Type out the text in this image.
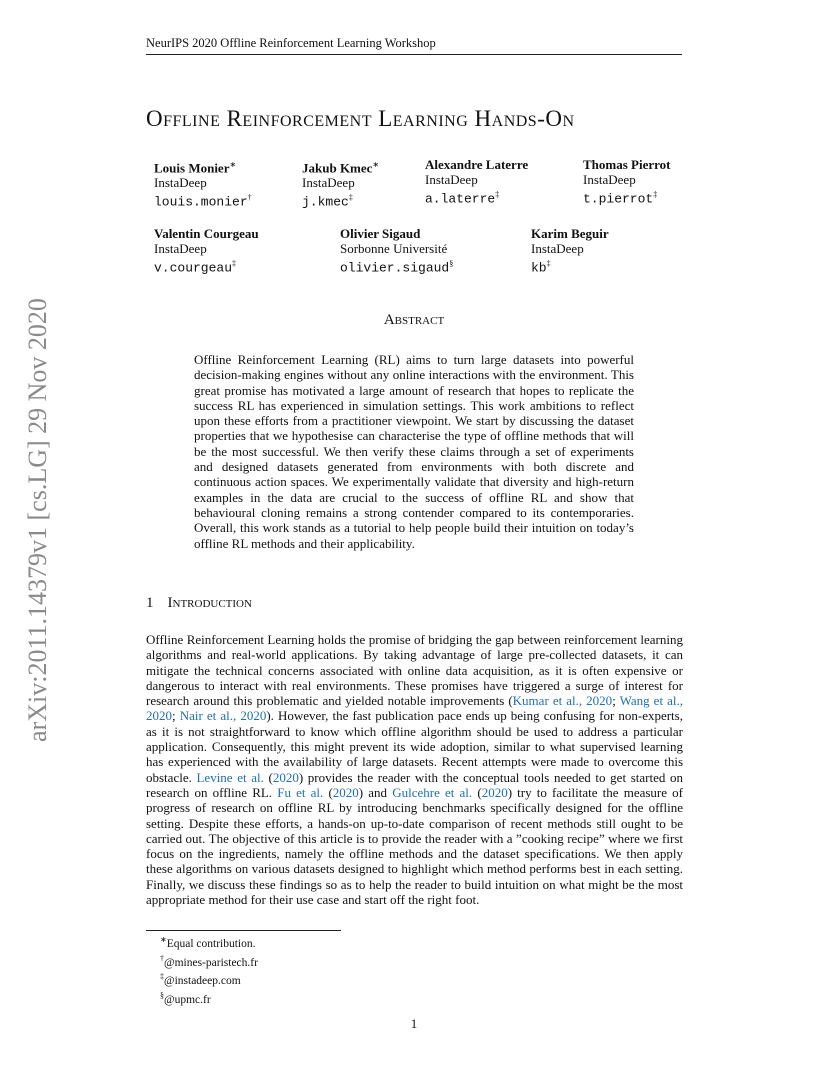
NeurIPS 2020 Offline Reinforcement Learning Workshop
arXiv:2011.14379v1 [cs.LG] 29 Nov 2020
Offline Reinforcement Learning Hands-On
Louis Monier∗
InstaDeep
louis.monier†
Jakub Kmec∗
InstaDeep
j.kmec‡
Alexandre Laterre
InstaDeep
a.laterre‡
Thomas Pierrot
InstaDeep
t.pierrot‡
Valentin Courgeau
InstaDeep
v.courgeau‡
Olivier Sigaud
Sorbonne Université
olivier.sigaud§
Karim Beguir
InstaDeep
kb‡
Abstract
Offline Reinforcement Learning (RL) aims to turn large datasets into powerful decision-making engines without any online interactions with the environment. This great promise has motivated a large amount of research that hopes to replicate the success RL has experienced in simulation settings. This work ambitions to reflect upon these efforts from a practitioner viewpoint. We start by discussing the dataset properties that we hypothesise can characterise the type of offline methods that will be the most successful. We then verify these claims through a set of experiments and designed datasets generated from environments with both discrete and continuous action spaces. We experimentally validate that diversity and high-return examples in the data are crucial to the success of offline RL and show that behavioural cloning remains a strong contender compared to its contemporaries. Overall, this work stands as a tutorial to help people build their intuition on today’s offline RL methods and their applicability.
1 Introduction
Offline Reinforcement Learning holds the promise of bridging the gap between reinforcement learning algorithms and real-world applications. By taking advantage of large pre-collected datasets, it can mitigate the technical concerns associated with online data acquisition, as it is often expensive or dangerous to interact with real environments. These promises have triggered a surge of interest for research around this problematic and yielded notable improvements (Kumar et al., 2020; Wang et al., 2020; Nair et al., 2020). However, the fast publication pace ends up being confusing for non-experts, as it is not straightforward to know which offline algorithm should be used to address a particular application. Consequently, this might prevent its wide adoption, similar to what supervised learning has experienced with the availability of large datasets. Recent attempts were made to overcome this obstacle. Levine et al. (2020) provides the reader with the conceptual tools needed to get started on research on offline RL. Fu et al. (2020) and Gulcehre et al. (2020) try to facilitate the measure of progress of research on offline RL by introducing benchmarks specifically designed for the offline setting. Despite these efforts, a hands-on up-to-date comparison of recent methods still ought to be carried out. The objective of this article is to provide the reader with a ”cooking recipe” where we first focus on the ingredients, namely the offline methods and the dataset specifications. We then apply these algorithms on various datasets designed to highlight which method performs best in each setting. Finally, we discuss these findings so as to help the reader to build intuition on what might be the most appropriate method for their use case and start off the right foot.
∗Equal contribution.
†@mines-paristech.fr
‡@instadeep.com
§@upmc.fr
1
